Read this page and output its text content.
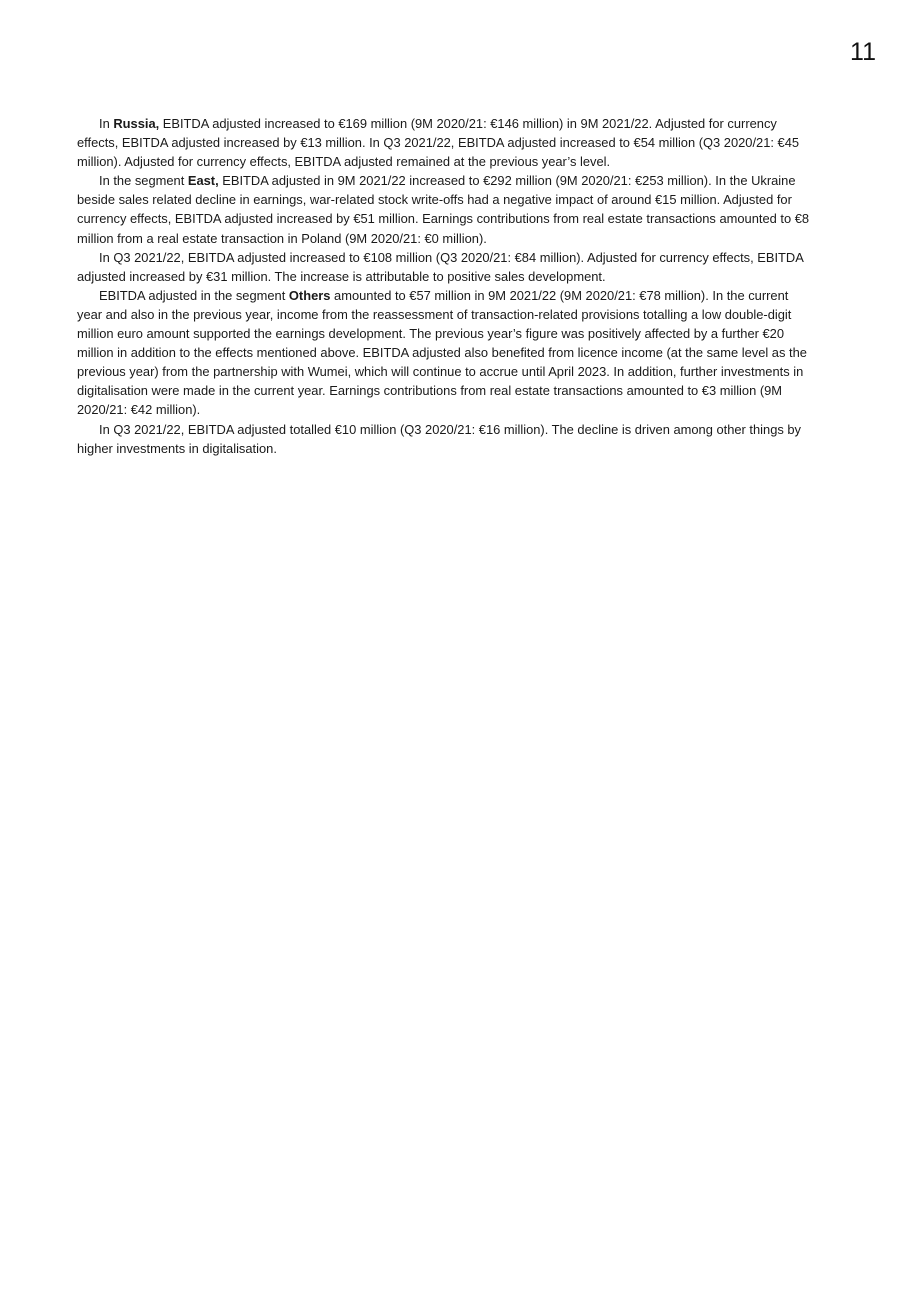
11

In Russia, EBITDA adjusted increased to €169 million (9M 2020/21: €146 million) in 9M 2021/22. Adjusted for currency effects, EBITDA adjusted increased by €13 million. In Q3 2021/22, EBITDA adjusted increased to €54 million (Q3 2020/21: €45 million). Adjusted for currency effects, EBITDA adjusted remained at the previous year’s level.

In the segment East, EBITDA adjusted in 9M 2021/22 increased to €292 million (9M 2020/21: €253 million). In the Ukraine beside sales related decline in earnings, war-related stock write-offs had a negative impact of around €15 million. Adjusted for currency effects, EBITDA adjusted increased by €51 million. Earnings contributions from real estate transactions amounted to €8 million from a real estate transaction in Poland (9M 2020/21: €0 million).

In Q3 2021/22, EBITDA adjusted increased to €108 million (Q3 2020/21: €84 million). Adjusted for currency effects, EBITDA adjusted increased by €31 million. The increase is attributable to positive sales development.

EBITDA adjusted in the segment Others amounted to €57 million in 9M 2021/22 (9M 2020/21: €78 million). In the current year and also in the previous year, income from the reassessment of transaction-related provisions totalling a low double-digit million euro amount supported the earnings development. The previous year’s figure was positively affected by a further €20 million in addition to the effects mentioned above. EBITDA adjusted also benefited from licence income (at the same level as the previous year) from the partnership with Wumei, which will continue to accrue until April 2023. In addition, further investments in digitalisation were made in the current year. Earnings contributions from real estate transactions amounted to €3 million (9M 2020/21: €42 million).

In Q3 2021/22, EBITDA adjusted totalled €10 million (Q3 2020/21: €16 million). The decline is driven among other things by higher investments in digitalisation.
